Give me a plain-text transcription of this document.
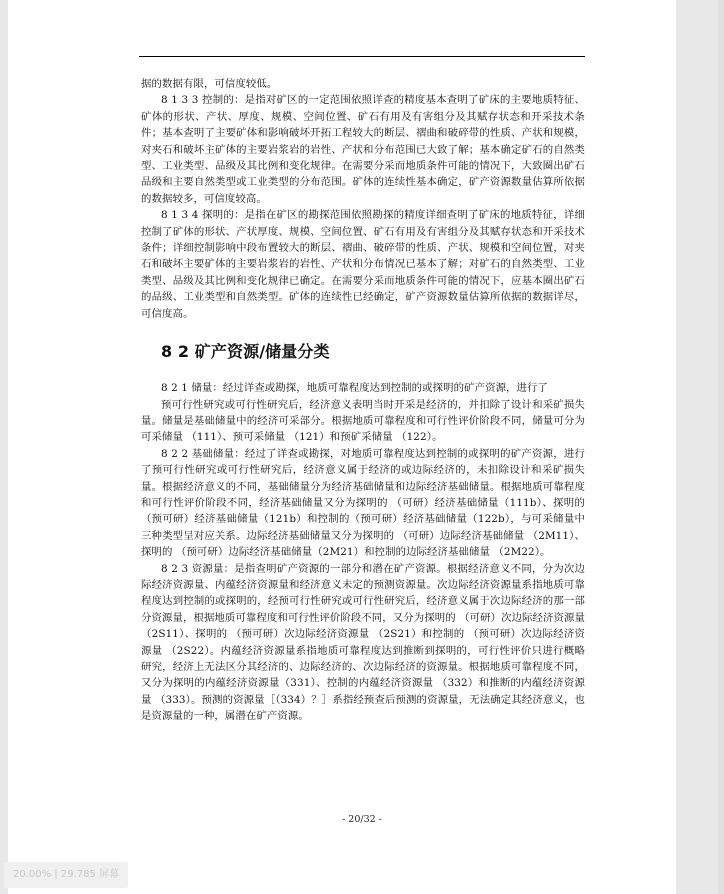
据的数据有限，可信度较低。

8 1 3 3 控制的：是指对矿区的一定范围依照详查的精度基本查明了矿床的主要地质特征、矿体的形状、产状、厚度、规模、空间位置、矿石有用及有害组分及其赋存状态和开采技术条件；基本查明了主要矿体和影响破坏开拓工程较大的断层、褶曲和破碎带的性质、产状和规模，对夹石和破坏主矿体的主要岩浆岩的岩性、产状和分布范围已大致了解；基本确定矿石的自然类型、工业类型、品级及其比例和变化规律。在需要分采而地质条件可能的情况下，大致圈出矿石品级和主要自然类型或工业类型的分布范围。矿体的连续性基本确定，矿产资源数量估算所依据的数据较多，可信度较高。

8 1 3 4 探明的：是指在矿区的勘探范围依照勘探的精度详细查明了矿床的地质特征，详细控制了矿体的形状、产状厚度、规模、空间位置、矿石有用及有害组分及其赋存状态和开采技术条件；详细控制影响中段布置较大的断层、褶曲、破碎带的性质、产状、规模和空间位置，对夹石和破坏主要矿体的主要岩浆岩的岩性、产状和分布情况已基本了解；对矿石的自然类型、工业类型、品级及其比例和变化规律已确定。在需要分采而地质条件可能的情况下，应基本圈出矿石的品级、工业类型和自然类型。矿体的连续性已经确定，矿产资源数量估算所依据的数据详尽，可信度高。

8 2 矿产资源/储量分类

8 2 1 储量：经过详查或勘探，地质可靠程度达到控制的或探明的矿产资源，进行了

预可行性研究或可行性研究后，经济意义表明当时开采是经济的，并扣除了设计和采矿损失量。储量是基础储量中的经济可采部分。根据地质可靠程度和可行性评价阶段不同，储量可分为可采储量 （111）、预可采储量 （121）和预矿采储量 （122）。

8 2 2 基础储量：经过了详查或勘探，对地质可靠程度达到控制的或探明的矿产资源，进行了预可行性研究或可行性研究后，经济意义属于经济的或边际经济的，未扣除设计和采矿损失量。根据经济意义的不同，基础储量分为经济基础储量和边际经济基础储量。根据地质可靠程度和可行性评价阶段不同，经济基础储量又分为探明的 （可研）经济基础储量（111b）、探明的（预可研）经济基础储量（121b）和控制的（预可研）经济基础储量（122b），与可采储量中三种类型呈对应关系。边际经济基础储量又分为探明的 （可研）边际经济基础储量 （2M11）、探明的 （预可研）边际经济基础储量（2M21）和控制的边际经济基础储量 （2M22）。

8 2 3 资源量：是指查明矿产资源的一部分和潜在矿产资源。根据经济意义不同，分为次边际经济资源量、内蕴经济资源量和经济意义未定的预测资源量。次边际经济资源量系指地质可靠程度达到控制的或探明的，经预可行性研究或可行性研究后，经济意义属于次边际经济的那一部分资源量，根据地质可靠程度和可行性评价阶段不同，又分为探明的 （可研）次边际经济资源量 （2S11）、探明的 （预可研）次边际经济资源量 （2S21）和控制的 （预可研）次边际经济资源量 （2S22）。内蕴经济资源量系指地质可靠程度达到推断到探明的，可行性评价只进行概略研究，经济上无法区分其经济的、边际经济的、次边际经济的资源量。根据地质可靠程度不同，又分为探明的内蕴经济资源量（331）、控制的内蕴经济资源量 （332）和推断的内蕴经济资源量 （333）。预测的资源量［（334）？］系指经预查后预测的资源量，无法确定其经济意义，也是资源量的一种，属潜在矿产资源。

- 20/32 -
20.00% | 29.785 屏幕
